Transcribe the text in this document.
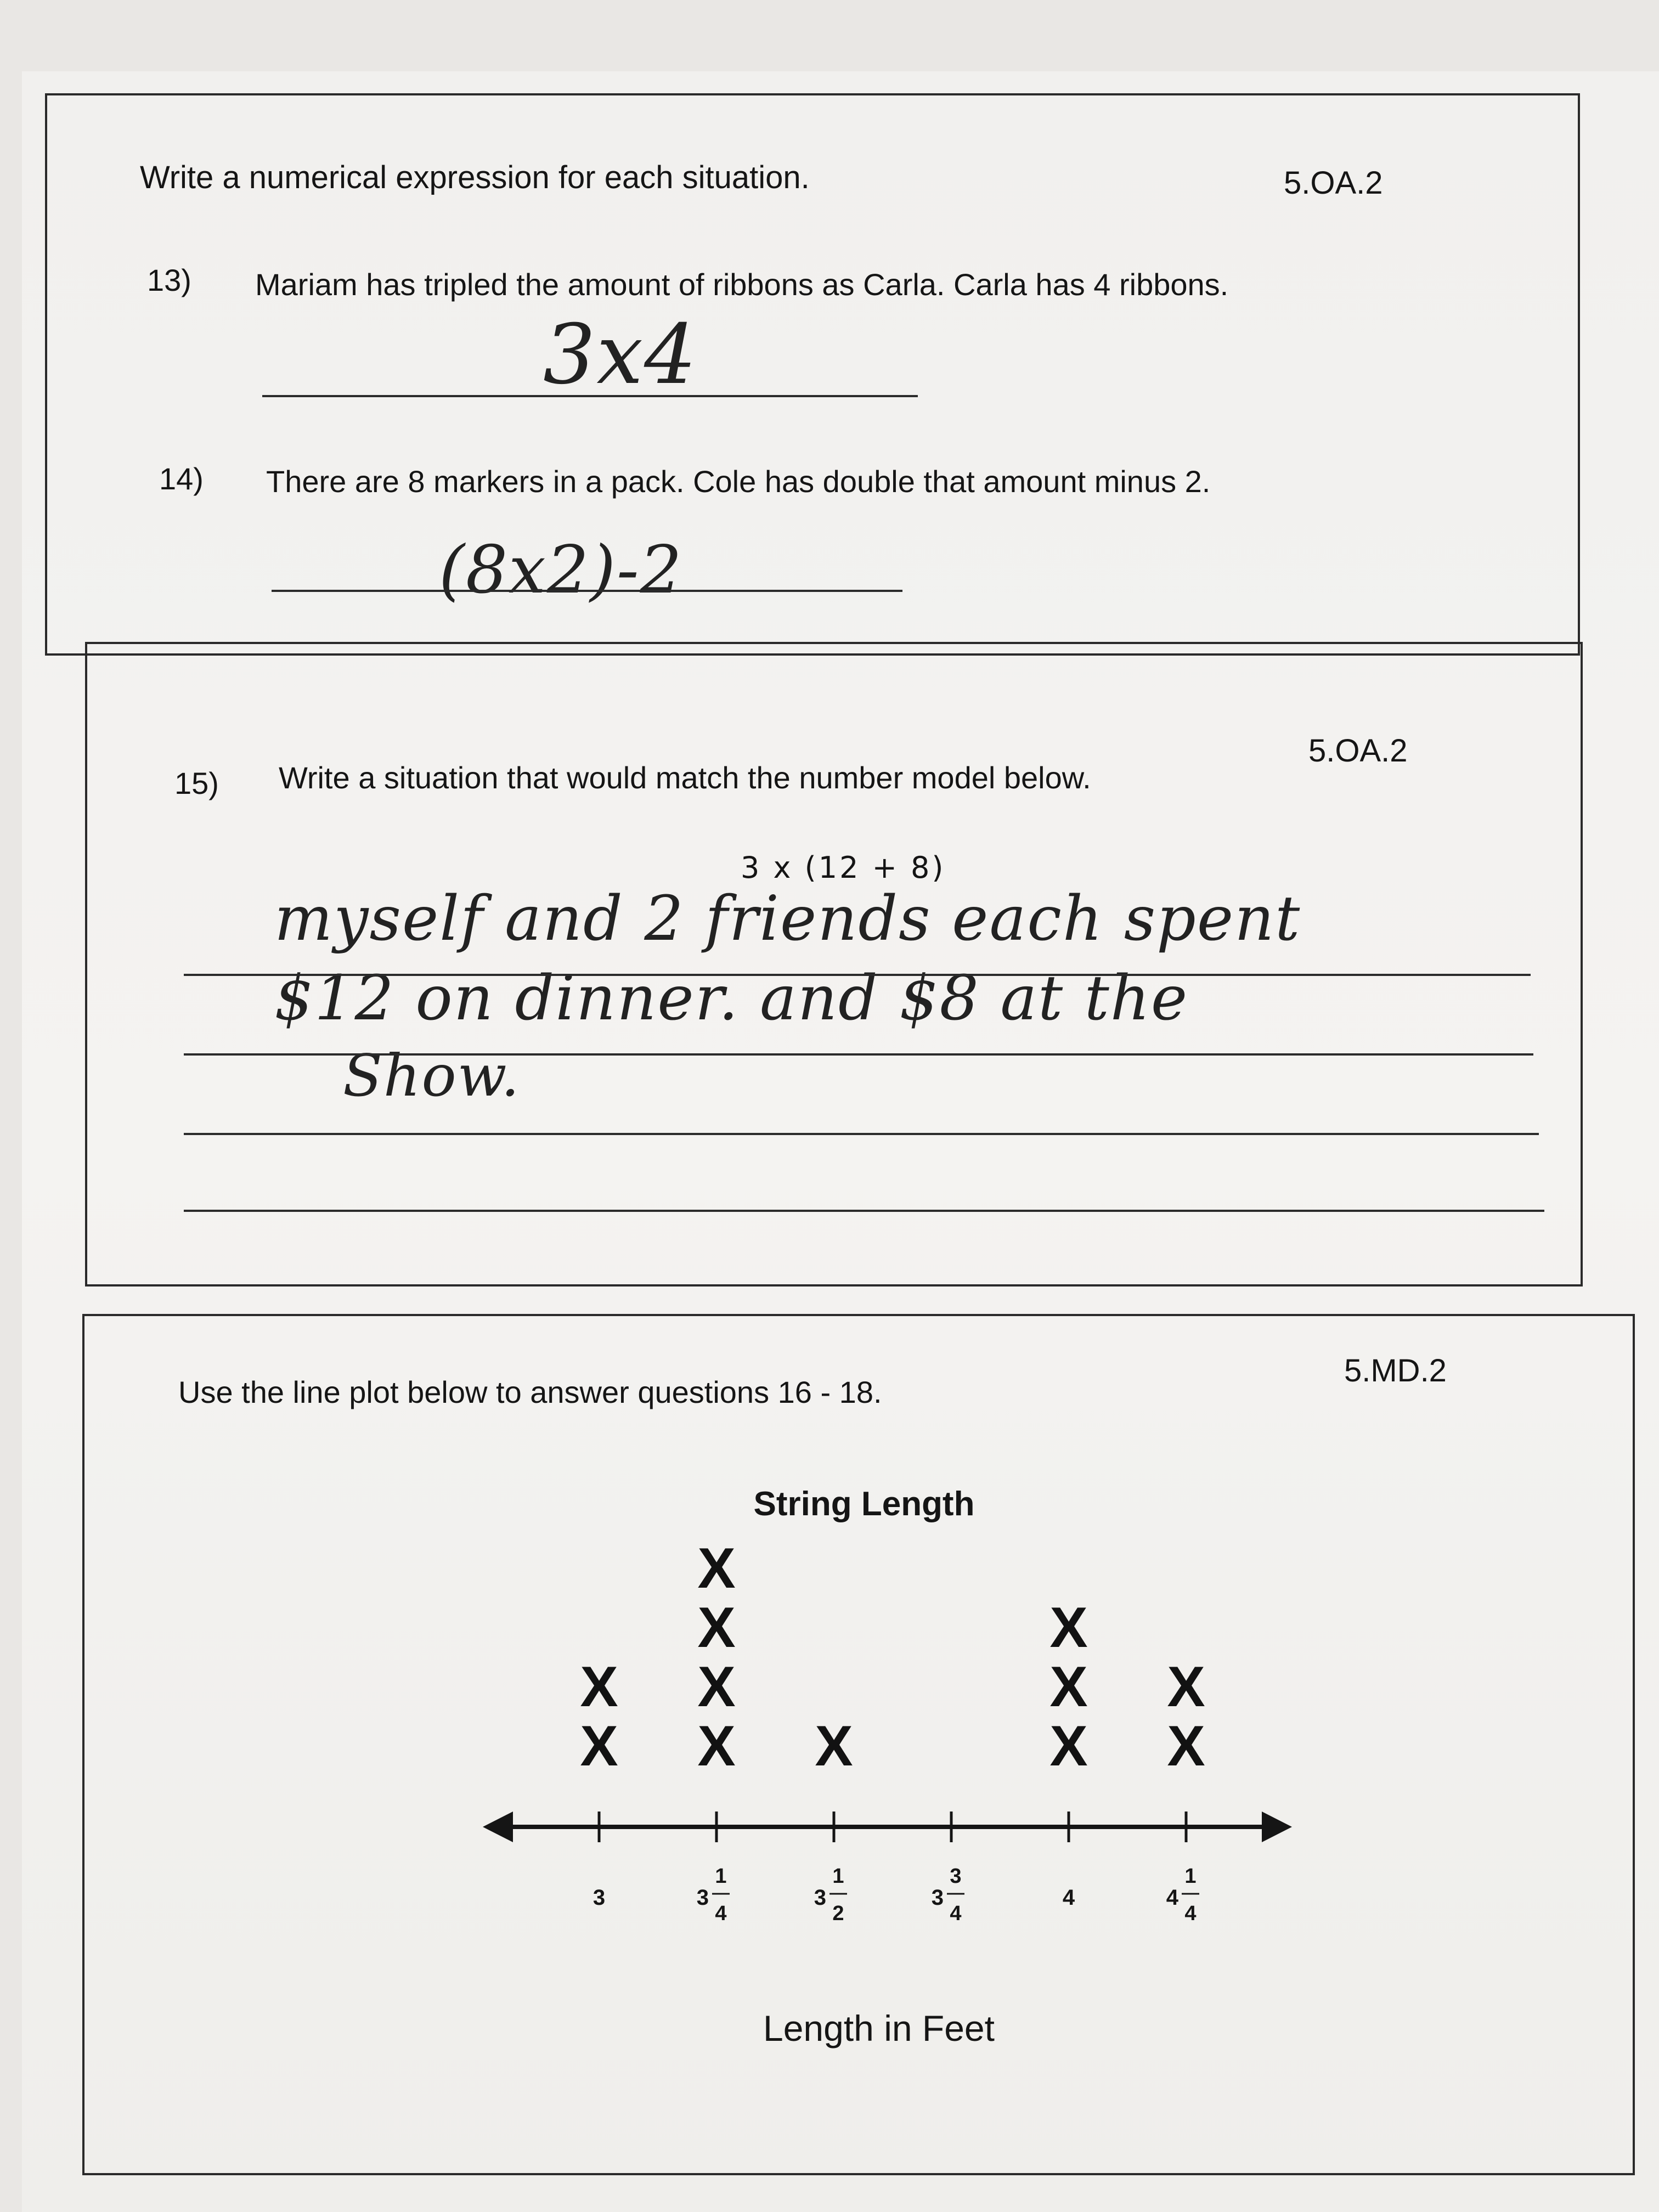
Write a numerical expression for each situation.	5.OA.2
13) Mariam has tripled the amount of ribbons as Carla. Carla has 4 ribbons.
3x4
14) There are 8 markers in a pack. Cole has double that amount minus 2.
(8x2)-2
15) Write a situation that would match the number model below.
5.OA.2
3 x (12 + 8)
myself and 2 friends each spent
$12 on dinner. and $8 at the
Show.
Use the line plot below to answer questions 16 - 18.
5.MD.2
String Length
3
X
X
3
1
4
X
X
X
X
3
1
2
X
3
3
4
4
X
X
X
4
1
4
X
X
Length in Feet
